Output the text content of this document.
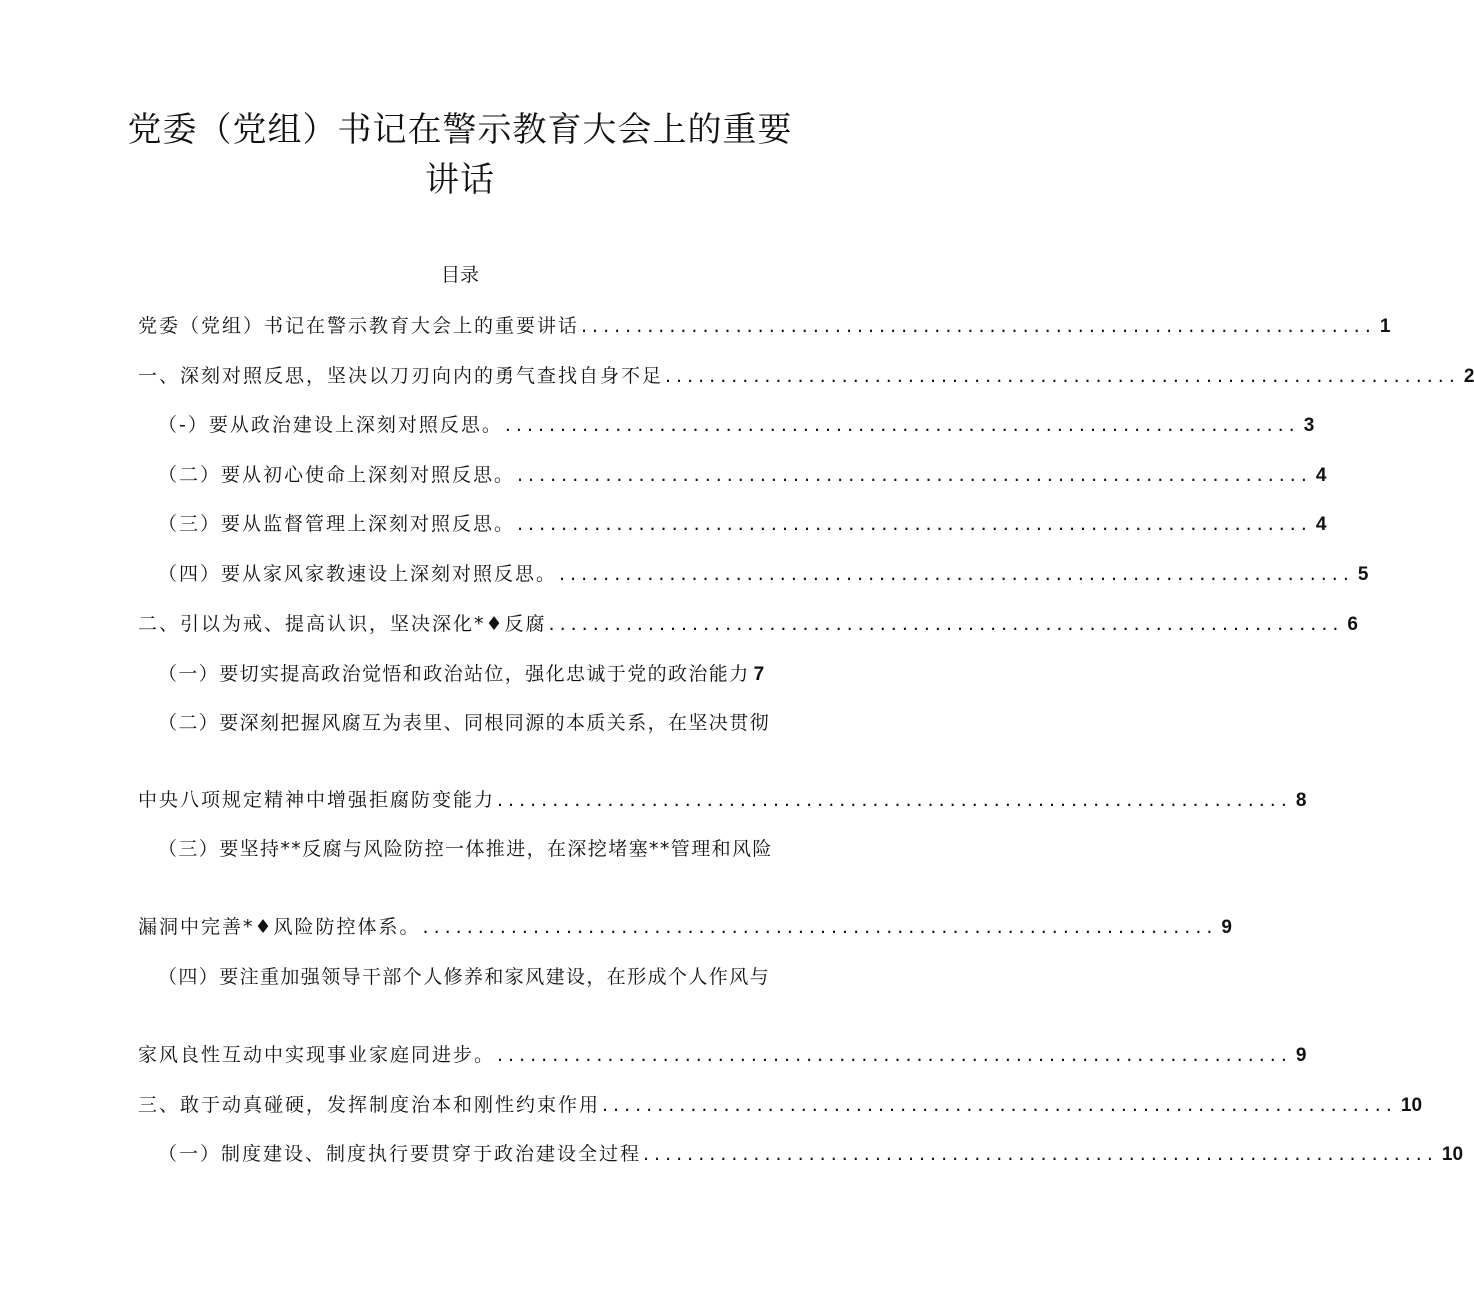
党委（党组）书记在警示教育大会上的重要
讲话
目录
党委（党组）书记在警示教育大会上的重要讲话 ........................................................................ 1
一、深刻对照反思，坚决以刀刃向内的勇气查找自身不足 ........................................................................ 2
（-）要从政治建设上深刻对照反思。 ........................................................................ 3
（二）要从初心使命上深刻对照反思。 ........................................................................ 4
（三）要从监督管理上深刻对照反思。 ........................................................................ 4
（四）要从家风家教速设上深刻对照反思。 ........................................................................ 5
二、引以为戒、提高认识，坚决深化*♦反腐 ........................................................................ 6
（一）要切实提高政治觉悟和政治站位，强化忠诚于党的政治能力 7
（二）要深刻把握风腐互为表里、同根同源的本质关系，在坚决贯彻
中央八项规定精神中增强拒腐防变能力 ........................................................................ 8
（三）要坚持**反腐与风险防控一体推进，在深挖堵塞**管理和风险
漏洞中完善*♦风险防控体系。 ........................................................................ 9
（四）要注重加强领导干部个人修养和家风建设，在形成个人作风与
家风良性互动中实现事业家庭同进步。 ........................................................................ 9
三、敢于动真碰硬，发挥制度治本和刚性约束作用 ........................................................................ 10
（一）制度建设、制度执行要贯穿于政治建设全过程 ........................................................................ 10
